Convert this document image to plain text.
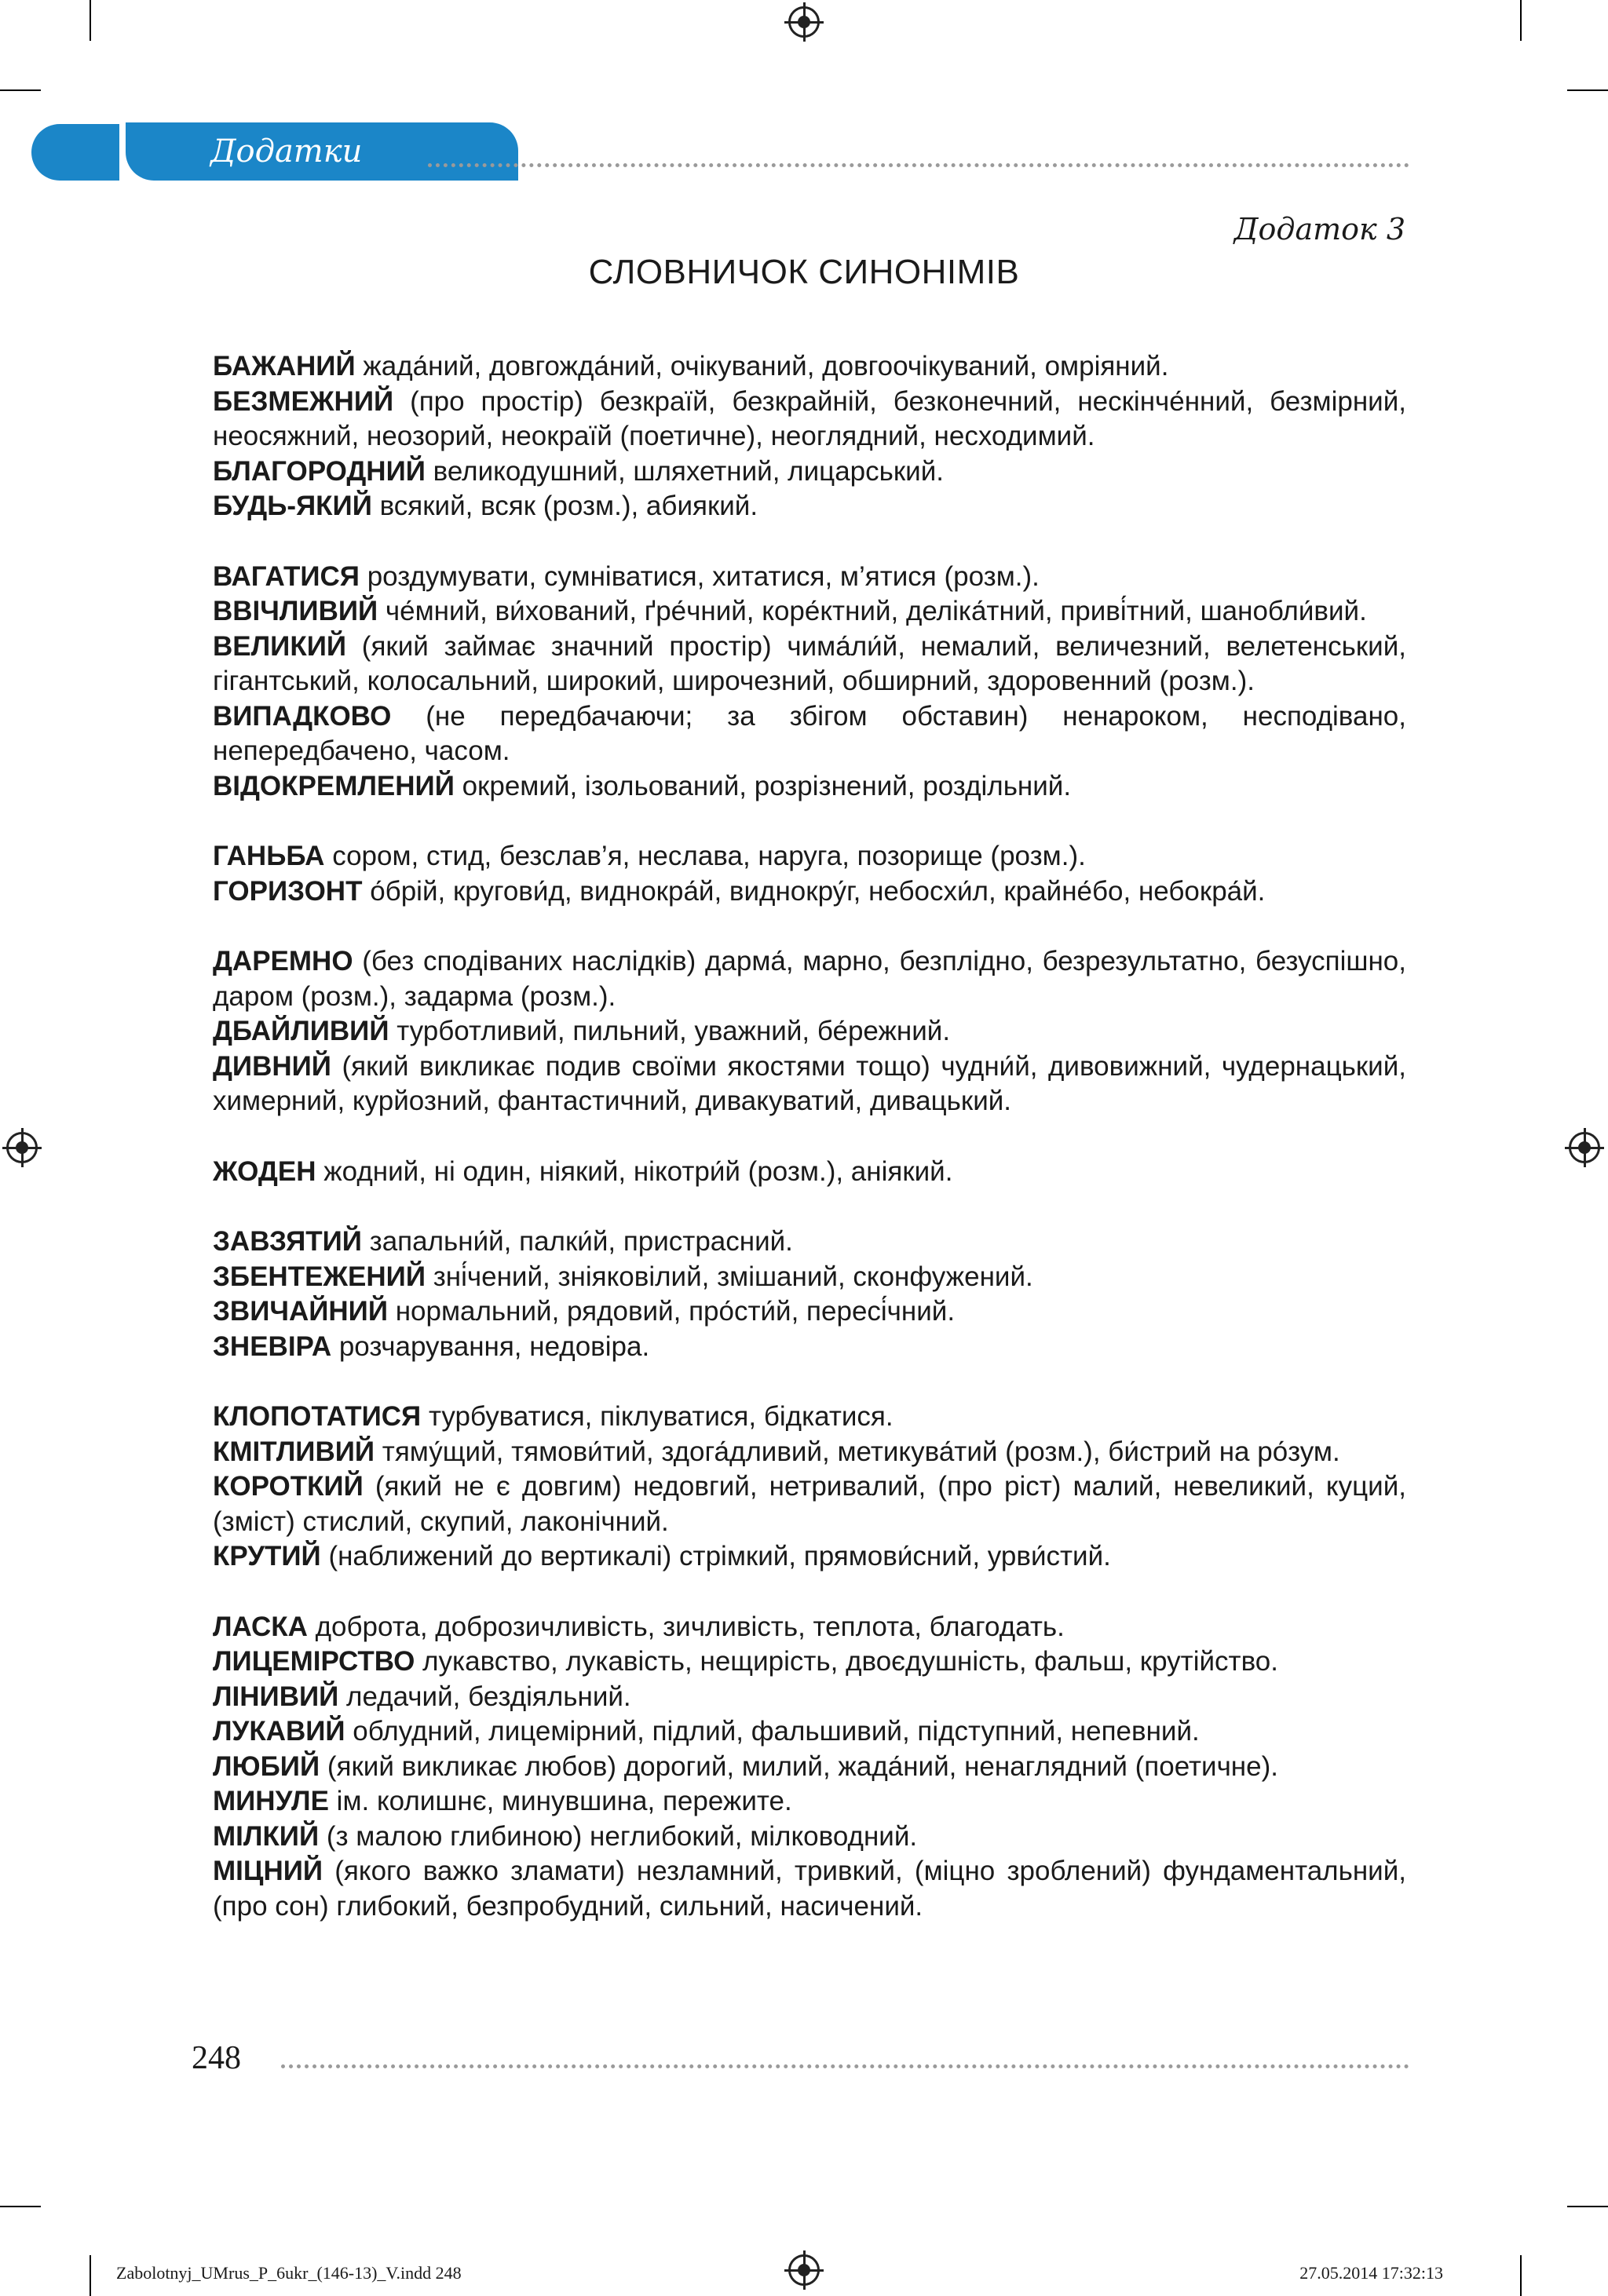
Додатки
Додаток 3
СЛОВНИЧОК СИНОНІМІВ

БАЖАНИЙ жада́ний, довгожда́ний, очікуваний, довгоочікуваний, омріяний.

БЕЗМЕЖНИЙ (про простір) безкраїй, безкрайній, безконечний, нескінче́нний, безмірний, неосяжний, неозорий, неокраїй (поетичне), неоглядний, несходимий.

БЛАГОРОДНИЙ великодушний, шляхетний, лицарський.

БУДЬ-ЯКИЙ всякий, всяк (розм.), абиякий.

ВАГАТИСЯ роздумувати, сумніватися, хитатися, м’ятися (розм.).

ВВІЧЛИВИЙ че́мний, ви́хований, ґре́чний, коре́ктний, делiка́тний, приві́тний, шанобли́вий.

ВЕЛИКИЙ (який займає значний простір) чима́ли́й, немалий, величезний, велетенський, гігантський, колосальний, широкий, широчезний, обширний, здоровенний (розм.).

ВИПАДКОВО (не передбачаючи; за збігом обставин) ненароком, несподівано, непередбачено, часом.

ВІДОКРЕМЛЕНИЙ окремий, ізольований, розрізнений, роздільний.

ГАНЬБА сором, стид, безслав’я, неслава, наруга, позорище (розм.).

ГОРИЗОНТ о́брій, кругови́д, виднокра́й, виднокру́г, небосхи́л, крайне́бо, небокра́й.

ДАРЕМНО (без сподіваних наслідків) дарма́, марно, безплідно, безрезультатно, безуспішно, даром (розм.), задарма (розм.).

ДБАЙЛИВИЙ турботливий, пильний, уважний, бе́режний.

ДИВНИЙ (який викликає подив своїми якостями тощо) чудни́й, дивовижний, чудернацький, химерний, курйозний, фантастичний, дивакуватий, дивацький.

ЖОДЕН жодний, ні один, ніякий, нікотри́й (розм.), аніякий.

ЗАВЗЯТИЙ запальни́й, палки́й, пристрасний.

ЗБЕНТЕЖЕНИЙ зні́чений, зніяковілий, змішаний, сконфужений.

ЗВИЧАЙНИЙ нормальний, рядовий, про́сти́й, пересі́чний.

ЗНЕВІРА розчарування, недовіра.

КЛОПОТАТИСЯ турбуватися, піклуватися, бідкатися.

КМІТЛИВИЙ тяму́щий, тямови́тий, здога́дливий, метикува́тий (розм.), би́стрий на ро́зум.

КОРОТКИЙ (який не є довгим) недовгий, нетривалий, (про ріст) малий, невеликий, куций, (зміст) стислий, скупий, лаконічний.

КРУТИЙ (наближений до вертикалі) стрімкий, прямови́сний, урви́стий.

ЛАСКА доброта, доброзичливість, зичливість, теплота, благодать.

ЛИЦЕМІРСТВО лукавство, лукавість, нещирість, двоєдушність, фальш, крутійство.

ЛІНИВИЙ ледачий, бездіяльний.

ЛУКАВИЙ облудний, лицемірний, підлий, фальшивий, підступний, непевний.

ЛЮБИЙ (який викликає любов) дорогий, милий, жада́ний, ненаглядний (поетичне).

МИНУЛЕ ім. колишнє, минувшина, пережите.

МІЛКИЙ (з малою глибиною) неглибокий, мілководний.

МІЦНИЙ (якого важко зламати) незламний, тривкий, (міцно зроблений) фундаментальний, (про сон) глибокий, безпробудний, сильний, насичений.

248
Zabolotnyj_UMrus_P_6ukr_(146-13)_V.indd 248	27.05.2014 17:32:13
